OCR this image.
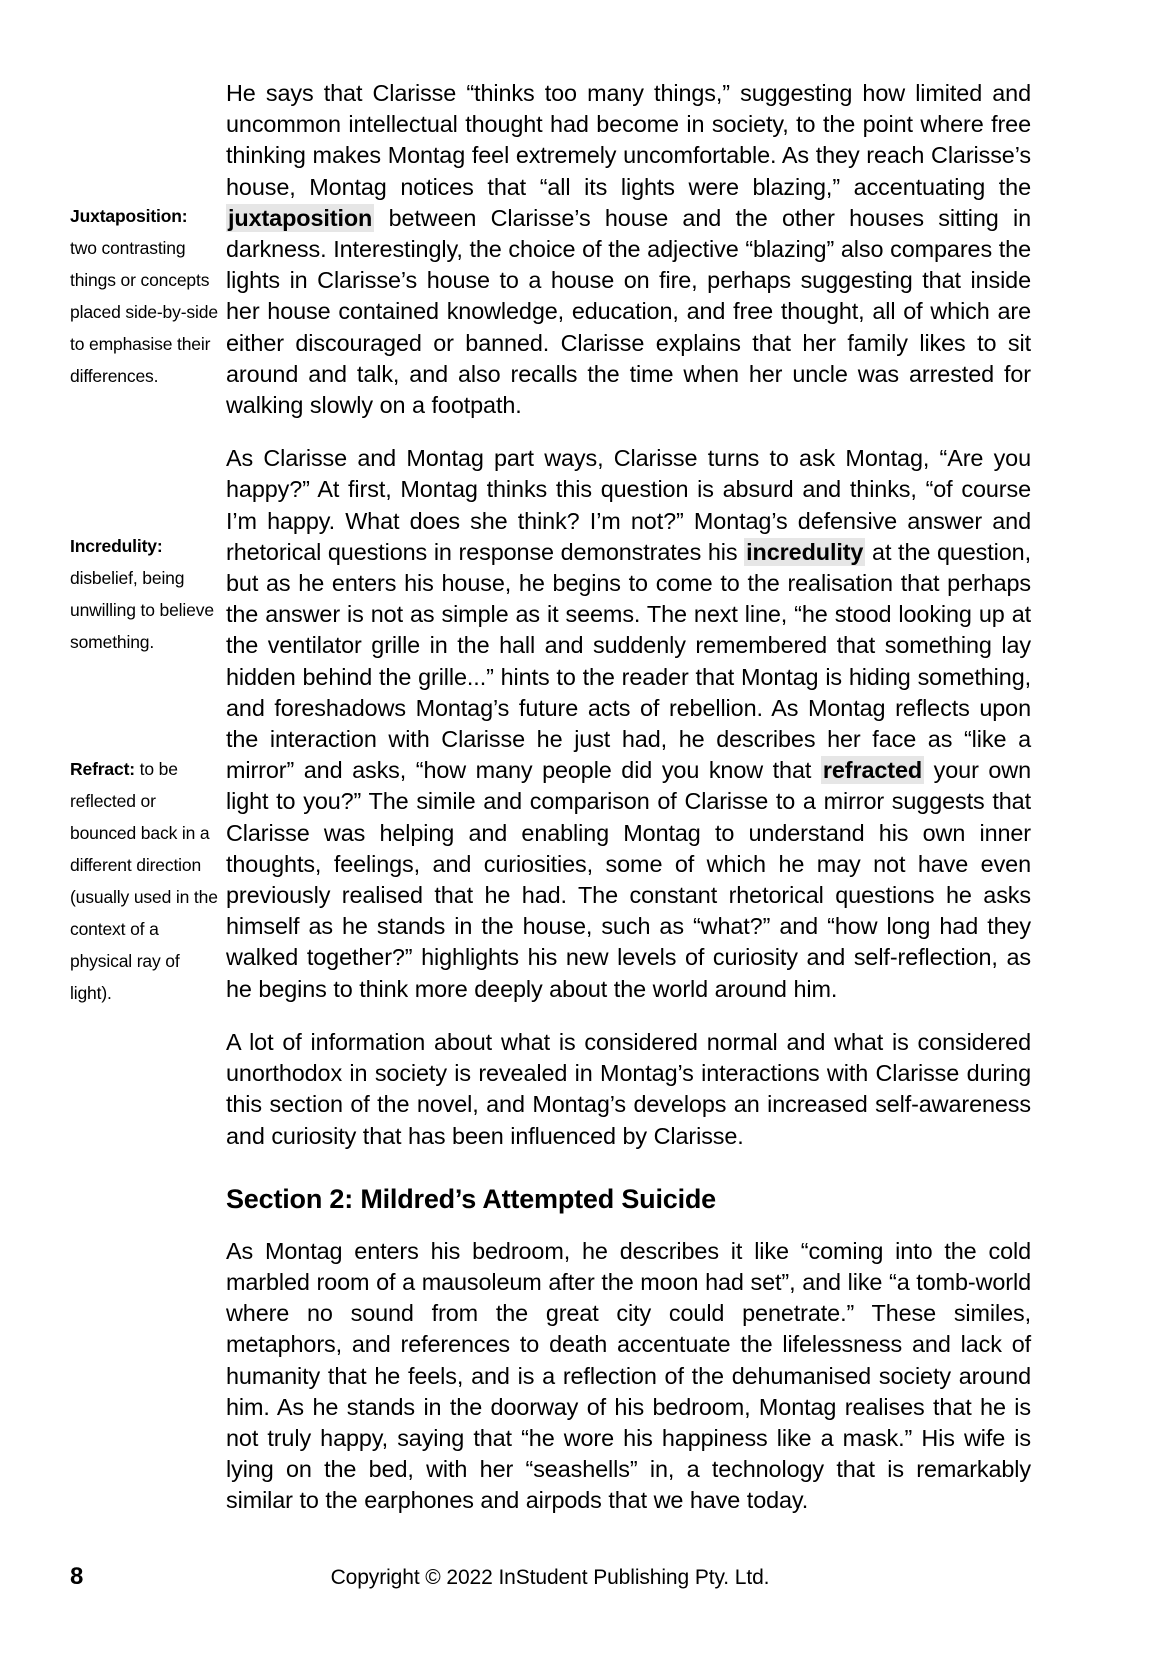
Juxtaposition: two contrasting things or concepts placed side-by-side to emphasise their differences.
Incredulity: disbelief, being unwilling to believe something.
Refract: to be reflected or bounced back in a different direction (usually used in the context of a physical ray of light).

He says that Clarisse “thinks too many things,” suggesting how limited and uncommon intellectual thought had become in society, to the point where free thinking makes Montag feel extremely uncomfortable. As they reach Clarisse’s house, Montag notices that “all its lights were blazing,” accentuating the juxtaposition between Clarisse’s house and the other houses sitting in darkness. Interestingly, the choice of the adjective “blazing” also compares the lights in Clarisse’s house to a house on fire, perhaps suggesting that inside her house contained knowledge, education, and free thought, all of which are either discouraged or banned. Clarisse explains that her family likes to sit around and talk, and also recalls the time when her uncle was arrested for walking slowly on a footpath.

As Clarisse and Montag part ways, Clarisse turns to ask Montag, “Are you happy?” At first, Montag thinks this question is absurd and thinks, “of course I’m happy. What does she think? I’m not?” Montag’s defensive answer and rhetorical questions in response demonstrates his incredulity at the question, but as he enters his house, he begins to come to the realisation that perhaps the answer is not as simple as it seems. The next line, “he stood looking up at the ventilator grille in the hall and suddenly remembered that something lay hidden behind the grille...” hints to the reader that Montag is hiding something, and foreshadows Montag’s future acts of rebellion. As Montag reflects upon the interaction with Clarisse he just had, he describes her face as “like a mirror” and asks, “how many people did you know that refracted your own light to you?” The simile and comparison of Clarisse to a mirror suggests that Clarisse was helping and enabling Montag to understand his own inner thoughts, feelings, and curiosities, some of which he may not have even previously realised that he had. The constant rhetorical questions he asks himself as he stands in the house, such as “what?” and “how long had they walked together?” highlights his new levels of curiosity and self-reflection, as he begins to think more deeply about the world around him.

A lot of information about what is considered normal and what is considered unorthodox in society is revealed in Montag’s interactions with Clarisse during this section of the novel, and Montag’s develops an increased self-awareness and curiosity that has been influenced by Clarisse.

Section 2: Mildred’s Attempted Suicide

As Montag enters his bedroom, he describes it like “coming into the cold marbled room of a mausoleum after the moon had set”, and like “a tomb-world where no sound from the great city could penetrate.” These similes, metaphors, and references to death accentuate the lifelessness and lack of humanity that he feels, and is a reflection of the dehumanised society around him. As he stands in the doorway of his bedroom, Montag realises that he is not truly happy, saying that “he wore his happiness like a mask.” His wife is lying on the bed, with her “seashells” in, a technology that is remarkably similar to the earphones and airpods that we have today.

8	Copyright © 2022 InStudent Publishing Pty. Ltd.
